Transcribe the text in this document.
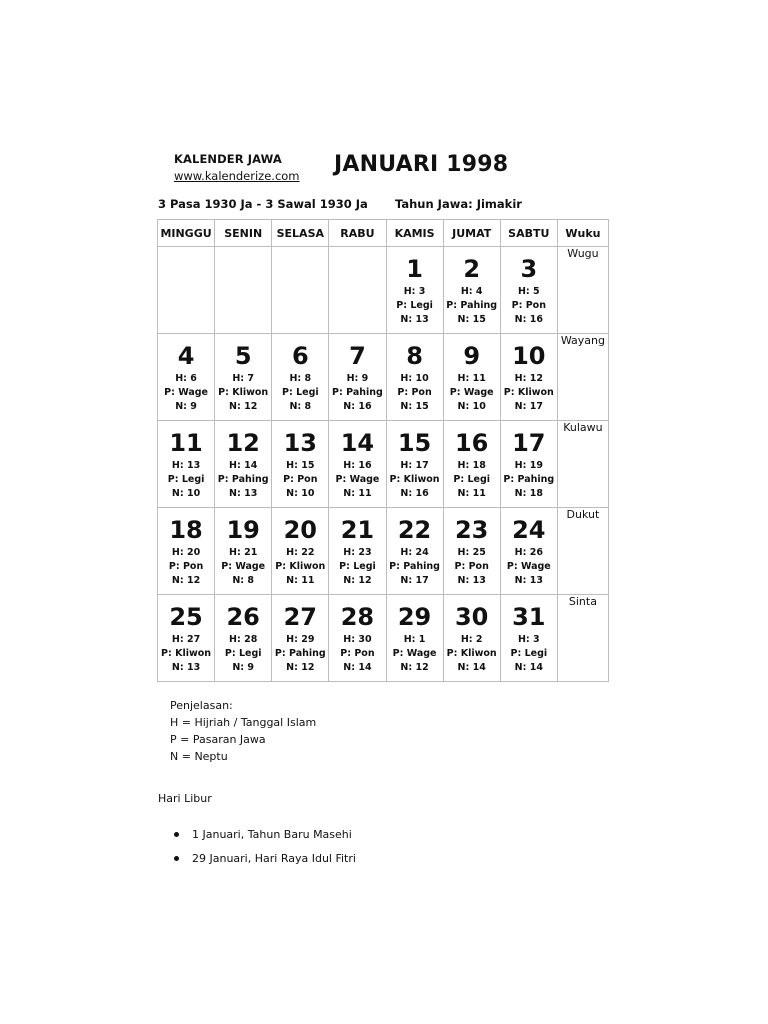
KALENDER JAWA
www.kalenderize.com JANUARI 1998
3 Pasa 1930 Ja - 3 Sawal 1930 Ja Tahun Jawa: Jimakir
MINGGU	SENIN	SELASA	RABU	KAMIS	JUMAT	SABTU	Wuku

				1
H: 3
P: Legi
N: 13	2
H: 4
P: Pahing
N: 15	3
H: 5
P: Pon
N: 16	Wugu

4
H: 6
P: Wage
N: 9	5
H: 7
P: Kliwon
N: 12	6
H: 8
P: Legi
N: 8	7
H: 9
P: Pahing
N: 16	8
H: 10
P: Pon
N: 15	9
H: 11
P: Wage
N: 10	10
H: 12
P: Kliwon
N: 17	Wayang

11
H: 13
P: Legi
N: 10	12
H: 14
P: Pahing
N: 13	13
H: 15
P: Pon
N: 10	14
H: 16
P: Wage
N: 11	15
H: 17
P: Kliwon
N: 16	16
H: 18
P: Legi
N: 11	17
H: 19
P: Pahing
N: 18	Kulawu

18
H: 20
P: Pon
N: 12	19
H: 21
P: Wage
N: 8	20
H: 22
P: Kliwon
N: 11	21
H: 23
P: Legi
N: 12	22
H: 24
P: Pahing
N: 17	23
H: 25
P: Pon
N: 13	24
H: 26
P: Wage
N: 13	Dukut

25
H: 27
P: Kliwon
N: 13	26
H: 28
P: Legi
N: 9	27
H: 29
P: Pahing
N: 12	28
H: 30
P: Pon
N: 14	29
H: 1
P: Wage
N: 12	30
H: 2
P: Kliwon
N: 14	31
H: 3
P: Legi
N: 14	Sinta
Penjelasan:
H = Hijriah / Tanggal Islam
P = Pasaran Jawa
N = Neptu
Hari Libur
1 Januari, Tahun Baru Masehi
29 Januari, Hari Raya Idul Fitri
